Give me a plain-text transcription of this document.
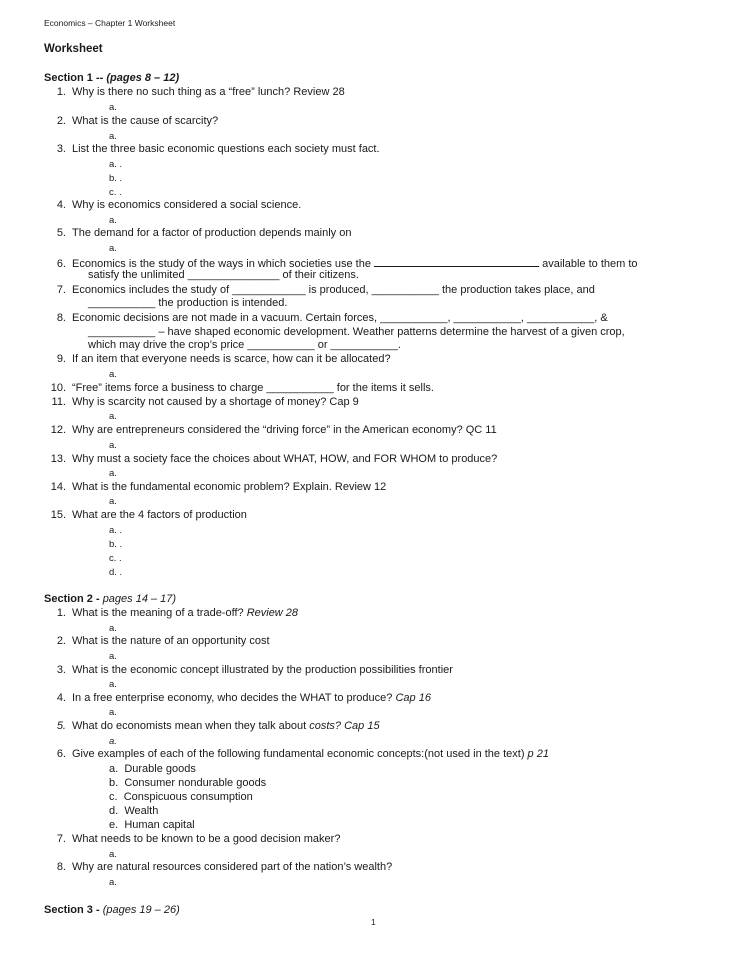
Economics – Chapter 1 Worksheet
Worksheet
Section 1 -- (pages 8 – 12)
1. Why is there no such thing as a “free” lunch? Review 28
a.
2. What is the cause of scarcity?
a.
3. List the three basic economic questions each society must fact.
a. .
b. .
c. .
4. Why is economics considered a social science.
a.
5. The demand for a factor of production depends mainly on
a.
6. Economics is the study of the ways in which societies use the	available to them to
satisfy the unlimited _______________ of their citizens.
7. Economics includes the study of ____________ is produced, ___________ the production takes place, and
___________ the production is intended.
8. Economic decisions are not made in a vacuum. Certain forces, ___________, ___________, ___________, &
___________ – have shaped economic development. Weather patterns determine the harvest of a given crop,
which may drive the crop’s price ___________ or ___________.
9. If an item that everyone needs is scarce, how can it be allocated?
a.
10. “Free” items force a business to charge ___________ for the items it sells.
11. Why is scarcity not caused by a shortage of money? Cap 9
a.
12. Why are entrepreneurs considered the “driving force” in the American economy? QC 11
a.
13. Why must a society face the choices about WHAT, HOW, and FOR WHOM to produce?
a.
14. What is the fundamental economic problem? Explain. Review 12
a.
15. What are the 4 factors of production
a. .
b. .
c. .
d. .
Section 2 - pages 14 – 17)
1. What is the meaning of a trade-off? Review 28
a.
2. What is the nature of an opportunity cost
a.
3. What is the economic concept illustrated by the production possibilities frontier
a.
4. In a free enterprise economy, who decides the WHAT to produce? Cap 16
a.
5. What do economists mean when they talk about costs? Cap 15
a.
6. Give examples of each of the following fundamental economic concepts:(not used in the text) p 21
a. Durable goods
b. Consumer nondurable goods
c. Conspicuous consumption
d. Wealth
e. Human capital
7. What needs to be known to be a good decision maker?
a.
8. Why are natural resources considered part of the nation’s wealth?
a.
Section 3 - (pages 19 – 26)
1
